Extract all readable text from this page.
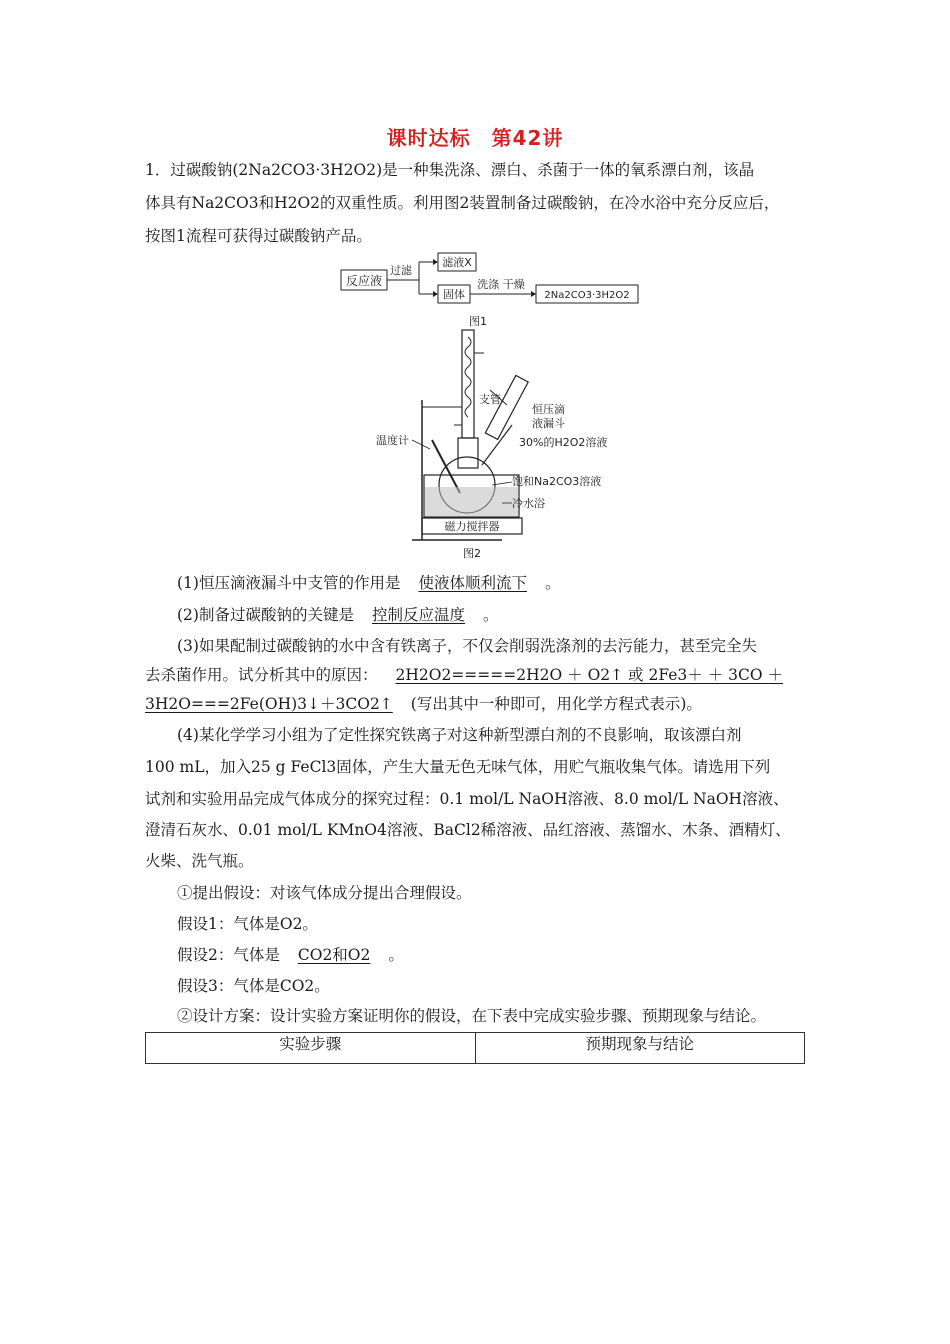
课时达标　第42讲
1．过碳酸钠(2Na2CO3·3H2O2)是一种集洗涤、漂白、杀菌于一体的氧系漂白剂，该晶
体具有Na2CO3和H2O2的双重性质。利用图2装置制备过碳酸钠，在冷水浴中充分反应后，
按图1流程可获得过碳酸钠产品。
反应液
过滤
滤液X
固体
洗涤 干燥
2Na2CO3·3H2O2
图1
磁力搅拌器
支管
恒压滴
液漏斗
30%的H2O2溶液
温度计
饱和Na2CO3溶液
冷水浴
图2
(1)恒压滴液漏斗中支管的作用是 使液体顺利流下 。
(2)制备过碳酸钠的关键是 控制反应温度 。
(3)如果配制过碳酸钠的水中含有铁离子，不仅会削弱洗涤剂的去污能力，甚至完全失
去杀菌作用。试分析其中的原因： 2H2O2=====2H2O ＋ O2↑ 或 2Fe3＋ ＋ 3CO ＋
3H2O===2Fe(OH)3↓＋3CO2↑ (写出其中一种即可，用化学方程式表示)。
(4)某化学学习小组为了定性探究铁离子对这种新型漂白剂的不良影响，取该漂白剂
100 mL，加入25 g FeCl3固体，产生大量无色无味气体，用贮气瓶收集气体。请选用下列
试剂和实验用品完成气体成分的探究过程：0.1 mol/L NaOH溶液、8.0 mol/L NaOH溶液、
澄清石灰水、0.01 mol/L KMnO4溶液、BaCl2稀溶液、品红溶液、蒸馏水、木条、酒精灯、
火柴、洗气瓶。
①提出假设：对该气体成分提出合理假设。
假设1：气体是O2。
假设2：气体是 CO2和O2 。
假设3：气体是CO2。
②设计方案：设计实验方案证明你的假设，在下表中完成实验步骤、预期现象与结论。
实验步骤	预期现象与结论
